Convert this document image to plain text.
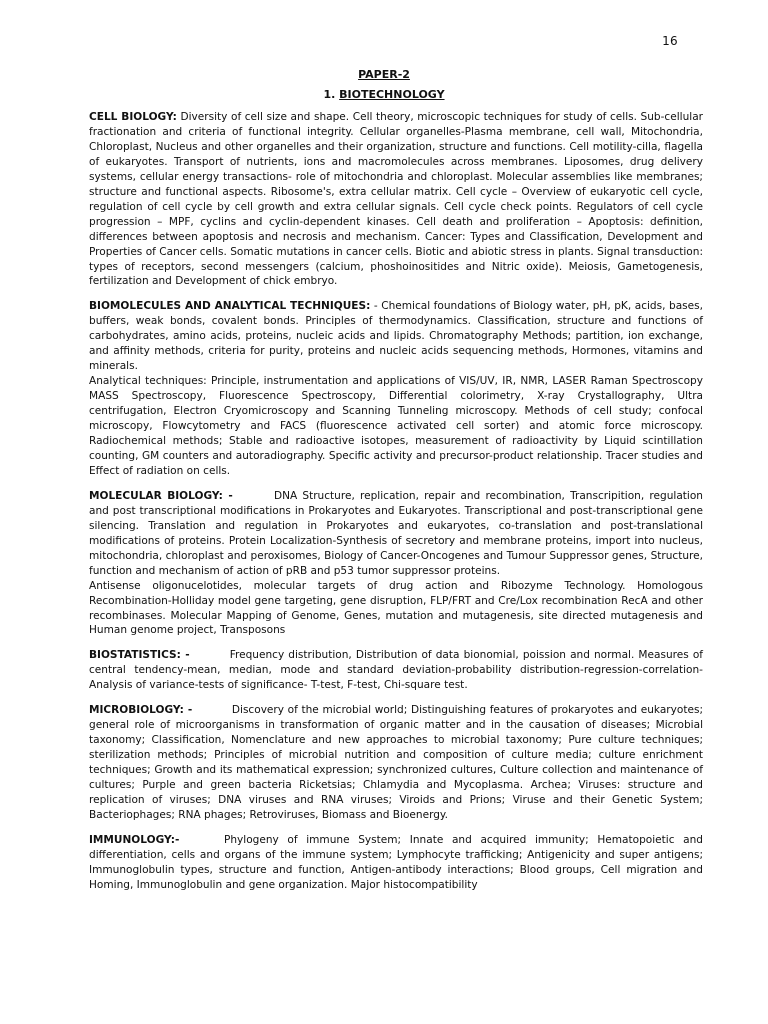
16
PAPER-2
1. BIOTECHNOLOGY
CELL BIOLOGY: Diversity of cell size and shape. Cell theory, microscopic techniques for study of cells. Sub-cellular fractionation and criteria of functional integrity. Cellular organelles-Plasma membrane, cell wall, Mitochondria, Chloroplast, Nucleus and other organelles and their organization, structure and functions. Cell motility-cilla, flagella of eukaryotes. Transport of nutrients, ions and macromolecules across membranes. Liposomes, drug delivery systems, cellular energy transactions- role of mitochondria and chloroplast. Molecular assemblies like membranes; structure and functional aspects. Ribosome's, extra cellular matrix. Cell cycle – Overview of eukaryotic cell cycle, regulation of cell cycle by cell growth and extra cellular signals. Cell cycle check points. Regulators of cell cycle progression – MPF, cyclins and cyclin-dependent kinases. Cell death and proliferation – Apoptosis: definition, differences between apoptosis and necrosis and mechanism. Cancer: Types and Classification, Development and Properties of Cancer cells. Somatic mutations in cancer cells. Biotic and abiotic stress in plants. Signal transduction: types of receptors, second messengers (calcium, phoshoinositides and Nitric oxide). Meiosis, Gametogenesis, fertilization and Development of chick embryo.
BIOMOLECULES AND ANALYTICAL TECHNIQUES: - Chemical foundations of Biology water, pH, pK, acids, bases, buffers, weak bonds, covalent bonds. Principles of thermodynamics. Classification, structure and functions of carbohydrates, amino acids, proteins, nucleic acids and lipids. Chromatography Methods; partition, ion exchange, and affinity methods, criteria for purity, proteins and nucleic acids sequencing methods, Hormones, vitamins and minerals.
Analytical techniques: Principle, instrumentation and applications of VIS/UV, IR, NMR, LASER Raman Spectroscopy MASS Spectroscopy, Fluorescence Spectroscopy, Differential colorimetry, X-ray Crystallography, Ultra centrifugation, Electron Cryomicroscopy and Scanning Tunneling microscopy. Methods of cell study; confocal microscopy, Flowcytometry and FACS (fluorescence activated cell sorter) and atomic force microscopy. Radiochemical methods; Stable and radioactive isotopes, measurement of radioactivity by Liquid scintillation counting, GM counters and autoradiography. Specific activity and precursor-product relationship. Tracer studies and Effect of radiation on cells.
MOLECULAR BIOLOGY: -	DNA Structure, replication, repair and recombination, Transcripition, regulation and post transcriptional modifications in Prokaryotes and Eukaryotes. Transcriptional and post-transcriptional gene silencing. Translation and regulation in Prokaryotes and eukaryotes, co-translation and post-translational modifications of proteins. Protein Localization-Synthesis of secretory and membrane proteins, import into nucleus, mitochondria, chloroplast and peroxisomes, Biology of Cancer-Oncogenes and Tumour Suppressor genes, Structure, function and mechanism of action of pRB and p53 tumor suppressor proteins.
Antisense oligonucelotides, molecular targets of drug action and Ribozyme Technology. Homologous Recombination-Holliday model gene targeting, gene disruption, FLP/FRT and Cre/Lox recombination RecA and other recombinases. Molecular Mapping of Genome, Genes, mutation and mutagenesis, site directed mutagenesis and Human genome project, Transposons
BIOSTATISTICS: -	Frequency distribution, Distribution of data bionomial, poission and normal. Measures of central tendency-mean, median, mode and standard deviation-probability distribution-regression-correlation- Analysis of variance-tests of significance- T-test, F-test, Chi-square test.
MICROBIOLOGY: -	Discovery of the microbial world; Distinguishing features of prokaryotes and eukaryotes; general role of microorganisms in transformation of organic matter and in the causation of diseases; Microbial taxonomy; Classification, Nomenclature and new approaches to microbial taxonomy; Pure culture techniques; sterilization methods; Principles of microbial nutrition and composition of culture media; culture enrichment techniques; Growth and its mathematical expression; synchronized cultures, Culture collection and maintenance of cultures; Purple and green bacteria Ricketsias; Chlamydia and Mycoplasma. Archea; Viruses: structure and replication of viruses; DNA viruses and RNA viruses; Viroids and Prions; Viruse and their Genetic System; Bacteriophages; RNA phages; Retroviruses, Biomass and Bioenergy.
IMMUNOLOGY:-	Phylogeny of immune System; Innate and acquired immunity; Hematopoietic and differentiation, cells and organs of the immune system; Lymphocyte trafficking; Antigenicity and super antigens; Immunoglobulin types, structure and function, Antigen-antibody interactions; Blood groups, Cell migration and Homing, Immunoglobulin and gene organization. Major histocompatibility
